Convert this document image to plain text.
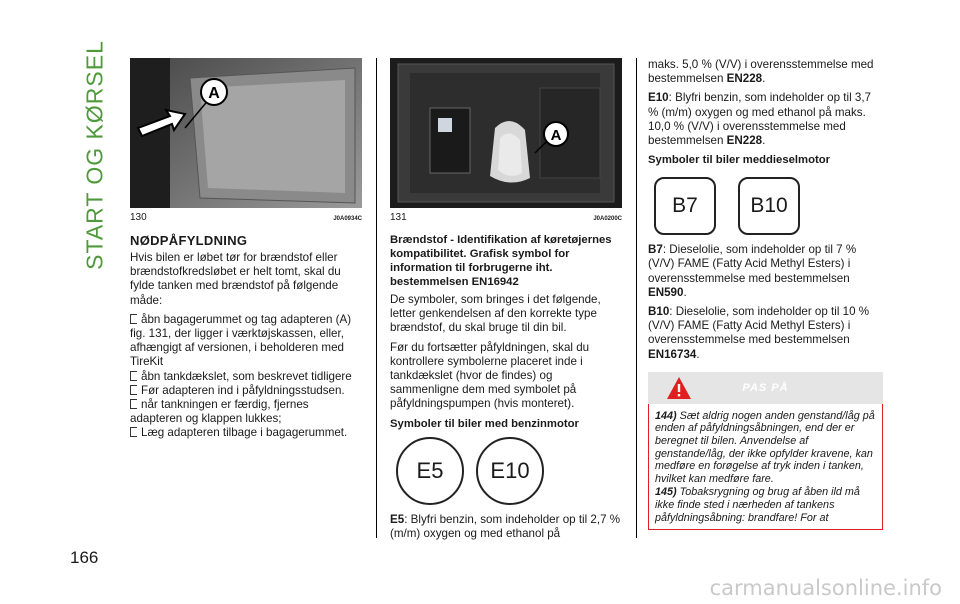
START OG KØRSEL	A
130	J0A0934C
NØDPÅFYLDNING

Hvis bilen er løbet tør for brændstof eller brændstofkredsløbet er helt tomt, skal du fylde tanken med brændstof på følgende måde:

åbn bagagerummet og tag adapteren (A) fig. 131, der ligger i værktøjskassen, eller, afhængigt af versionen, i beholderen med TireKit
åbn tankdækslet, som beskrevet tidligere
Før adapteren ind i påfyldningsstudsen.
når tankningen er færdig, fjernes adapteren og klappen lukkes;
Læg adapteren tilbage i bagagerummet.
A
131	J0A0200C
Brændstof - Identifikation af køretøjernes kompatibilitet. Grafisk symbol for information til forbrugerne iht. bestemmelsen EN16942

De symboler, som bringes i det følgende, letter genkendelsen af den korrekte type brændstof, du skal bruge til din bil.

Før du fortsætter påfyldningen, skal du kontrollere symbolerne placeret inde i tankdækslet (hvor de findes) og sammenligne dem med symbolet på påfyldningspumpen (hvis monteret).

Symboler til biler med benzinmotor
E5	E10

E5: Blyfri benzin, som indeholder op til 2,7 % (m/m) oxygen og med ethanol på

maks. 5,0 % (V/V) i overensstemmelse med bestemmelsen EN228.

E10: Blyfri benzin, som indeholder op til 3,7 % (m/m) oxygen og med ethanol på maks. 10,0 % (V/V) i overensstemmelse med bestemmelsen EN228.

Symboler til biler meddieselmotor
B7	B10

B7: Dieselolie, som indeholder op til 7 % (V/V) FAME (Fatty Acid Methyl Esters) i overensstemmelse med bestemmelsen EN590.

B10: Dieselolie, som indeholder op til 10 % (V/V) FAME (Fatty Acid Methyl Esters) i overensstemmelse med bestemmelsen EN16734.

PAS PÅ

144) Sæt aldrig nogen anden genstand/låg på enden af påfyldningsåbningen, end der er beregnet til bilen. Anvendelse af genstande/låg, der ikke opfylder kravene, kan medføre en forøgelse af tryk inden i tanken, hvilket kan medføre fare.

145) Tobaksrygning og brug af åben ild må ikke finde sted i nærheden af tankens påfyldningsåbning: brandfare! For at

166
carmanualsonline.info
